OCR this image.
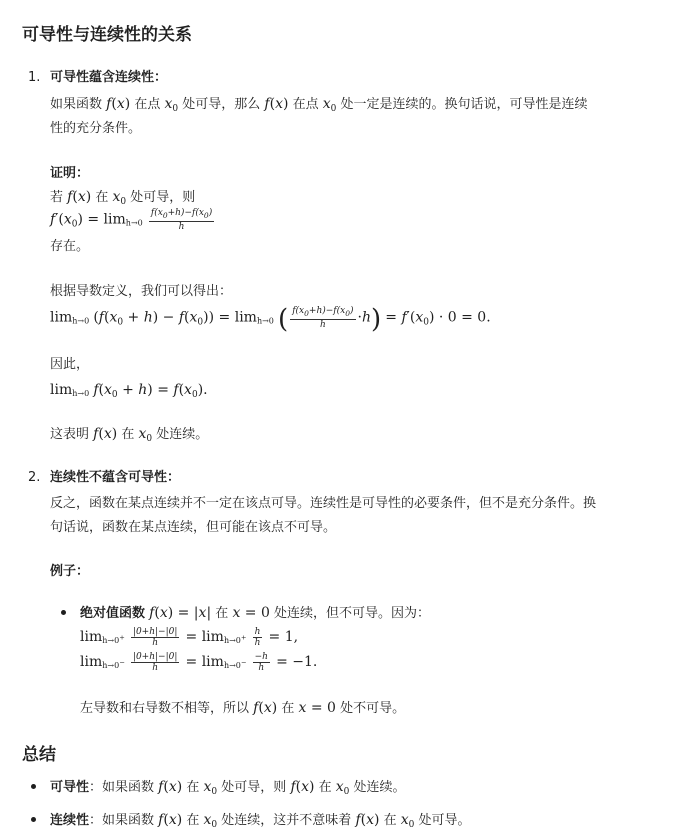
可导性与连续性的关系
1. 可导性蕴含连续性：
如果函数 f(x) 在点 $x_0$ 处可导，那么 f(x) 在点 $x_0$ 处一定是连续的。换句话说，可导性是连续
性的充分条件。
证明：
若 f(x) 在 $x_0$ 处可导，则
$f'(x_0) = \lim h\to 0 \frac{f(x_0+h)-f(x_0)}{h}$
存在。
根据导数定义，我们可以得出：
limh→0 $(f(x_0 + h) - f(x_0)) = \lim h\to 0$ ( $\frac{f(x_0+h)-f(x_0)}{h} \cdot h) = f'(x_0) \cdot 0 = 0$.
因此，
limh→0 $f(x_0 + h) = f(x_0)$.
这表明 f(x) 在 $x_0$ 处连续。
2. 连续性不蕴含可导性：
反之，函数在某点连续并不一定在该点可导。连续性是可导性的必要条件，但不是充分条件。换
句话说，函数在某点连续，但可能在该点不可导。
例子：
绝对值函数 f(x) = |x| 在 x = 0 处连续，但不可导。因为：
$\lim h\to 0^+ \frac{|0+h|-|0|}{h} = \lim h\to 0^+ \frac{h}{h} = 1$,
$\lim h\to 0^- \frac{|0+h|-|0|}{h} = \lim h\to 0^- \frac{-h}{h} = -1$.
左导数和右导数不相等，所以 f(x) 在 x = 0 处不可导。
总结
可导性：如果函数 f(x) 在 $x_0$ 处可导，则 f(x) 在 $x_0$ 处连续。
连续性：如果函数 f(x) 在 $x_0$ 处连续，这并不意味着 f(x) 在 $x_0$ 处可导。
